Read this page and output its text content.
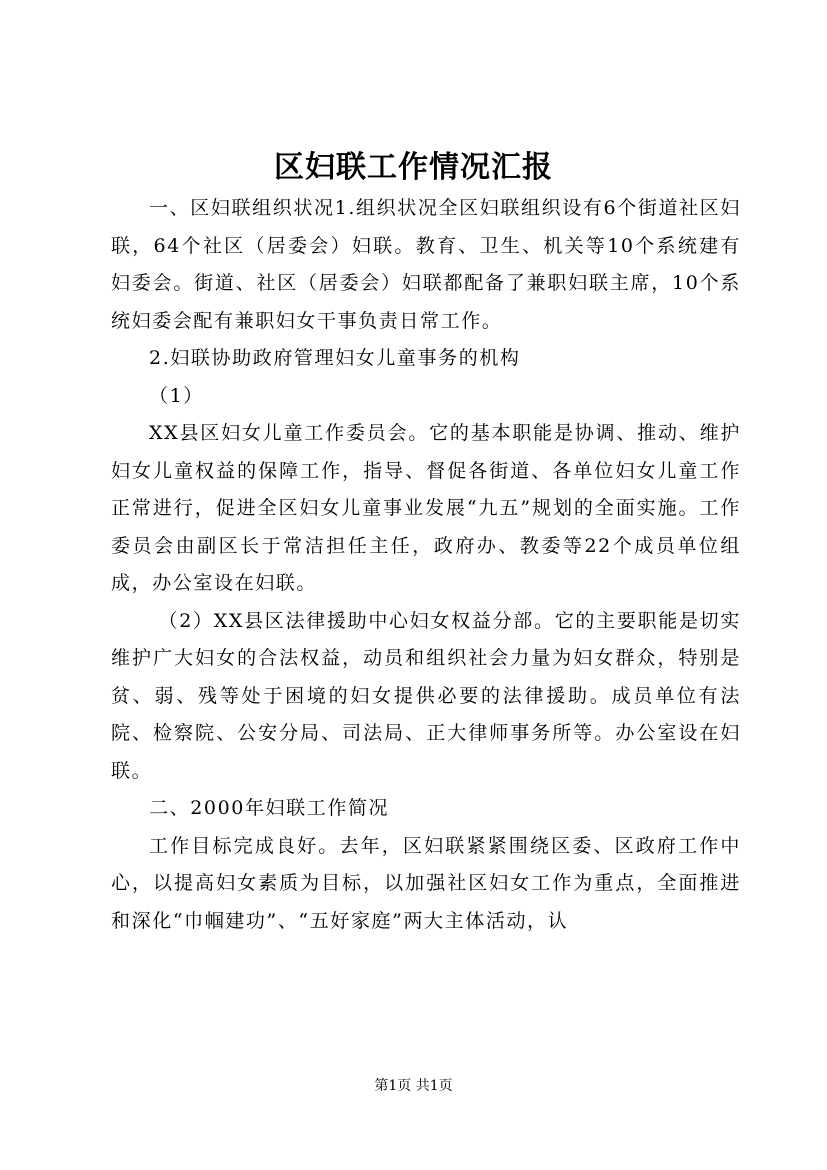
区妇联工作情况汇报

一、区妇联组织状况1.组织状况全区妇联组织设有6个街道社区妇联，64个社区（居委会）妇联。教育、卫生、机关等10个系统建有妇委会。街道、社区（居委会）妇联都配备了兼职妇联主席，10个系统妇委会配有兼职妇女干事负责日常工作。

2.妇联协助政府管理妇女儿童事务的机构

（1）

XX县区妇女儿童工作委员会。它的基本职能是协调、推动、维护妇女儿童权益的保障工作，指导、督促各街道、各单位妇女儿童工作正常进行，促进全区妇女儿童事业发展“九五”规划的全面实施。工作委员会由副区长于常洁担任主任，政府办、教委等22个成员单位组成，办公室设在妇联。

（2）XX县区法律援助中心妇女权益分部。它的主要职能是切实维护广大妇女的合法权益，动员和组织社会力量为妇女群众，特别是贫、弱、残等处于困境的妇女提供必要的法律援助。成员单位有法院、检察院、公安分局、司法局、正大律师事务所等。办公室设在妇联。

二、2000年妇联工作简况

工作目标完成良好。去年，区妇联紧紧围绕区委、区政府工作中心，以提高妇女素质为目标，以加强社区妇女工作为重点，全面推进和深化“巾帼建功”、“五好家庭”两大主体活动，认

第1页 共1页
